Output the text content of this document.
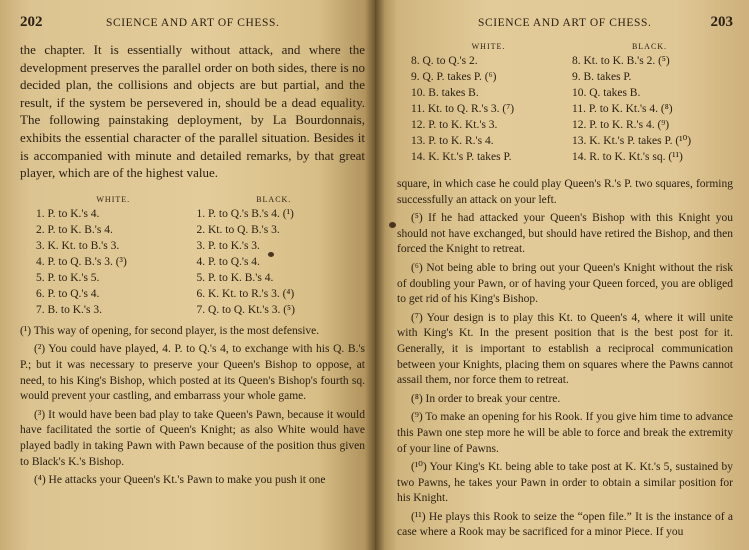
202	SCIENCE AND ART OF CHESS.

the chapter. It is essentially without attack, and where the development preserves the parallel order on both sides, there is no decided plan, the collisions and objects are but partial, and the result, if the system be persevered in, should be a dead equality. The following painstaking deployment, by La Bourdonnais, exhibits the essential character of the parallel situation. Besides it is accompanied with minute and detailed remarks, by that great player, which are of the highest value.

WHITE.	BLACK.
1. P. to K.'s 4.	1. P. to Q.'s B.'s 4. (¹)
2. P. to K. B.'s 4.	2. Kt. to Q. B.'s 3.
3. K. Kt. to B.'s 3.	3. P. to K.'s 3.
4. P. to Q. B.'s 3. (³)	4. P. to Q.'s 4.
5. P. to K.'s 5.	5. P. to K. B.'s 4.
6. P. to Q.'s 4.	6. K. Kt. to R.'s 3. (⁴)
7. B. to K.'s 3.	7. Q. to Q. Kt.'s 3. (⁵)

(¹) This way of opening, for second player, is the most defensive.

(²) You could have played, 4. P. to Q.'s 4, to exchange with his Q. B.'s P.; but it was necessary to preserve your Queen's Bishop to oppose, at need, to his King's Bishop, which posted at its Queen's Bishop's fourth sq. would prevent your castling, and embarrass your whole game.

(³) It would have been bad play to take Queen's Pawn, because it would have facilitated the sortie of Queen's Knight; as also White would have played badly in taking Pawn with Pawn because of the position thus given to Black's K.'s Bishop.

(⁴) He attacks your Queen's Kt.'s Pawn to make you push it one

SCIENCE AND ART OF CHESS.	203
WHITE.	BLACK.
8. Q. to Q.'s 2.	8. Kt. to K. B.'s 2. (⁵)
9. Q. P. takes P. (⁶)	9. B. takes P.
10. B. takes B.	10. Q. takes B.
11. Kt. to Q. R.'s 3. (⁷)	11. P. to K. Kt.'s 4. (⁸)
12. P. to K. Kt.'s 3.	12. P. to K. R.'s 4. (⁹)
13. P. to K. R.'s 4.	13. K. Kt.'s P. takes P. (¹⁰)
14. K. Kt.'s P. takes P.	14. R. to K. Kt.'s sq. (¹¹)

square, in which case he could play Queen's R.'s P. two squares, forming successfully an attack on your left.

(⁵) If he had attacked your Queen's Bishop with this Knight you should not have exchanged, but should have retired the Bishop, and then forced the Knight to retreat.

(⁶) Not being able to bring out your Queen's Knight without the risk of doubling your Pawn, or of having your Queen forced, you are obliged to get rid of his King's Bishop.

(⁷) Your design is to play this Kt. to Queen's 4, where it will unite with King's Kt. In the present position that is the best post for it. Generally, it is important to establish a reciprocal communication between your Knights, placing them on squares where the Pawns cannot assail them, nor force them to retreat.

(⁸) In order to break your centre.

(⁹) To make an opening for his Rook. If you give him time to advance this Pawn one step more he will be able to force and break the extremity of your line of Pawns.

(¹⁰) Your King's Kt. being able to take post at K. Kt.'s 5, sustained by two Pawns, he takes your Pawn in order to obtain a similar position for his Knight.

(¹¹) He plays this Rook to seize the “open file.” It is the instance of a case where a Rook may be sacrificed for a minor Piece. If you
